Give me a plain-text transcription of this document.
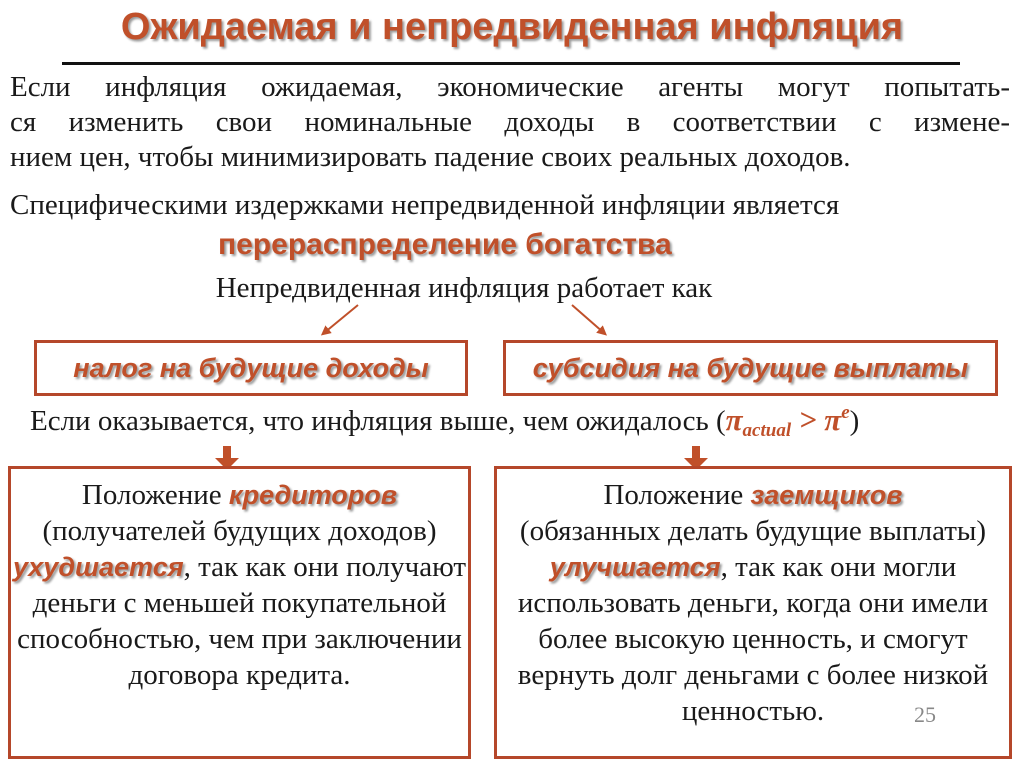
Ожидаемая и непредвиденная инфляция
Если инфляция ожидаемая, экономические агенты могут попытать-
ся изменить свои номинальные доходы в соответствии с измене-
нием цен, чтобы минимизировать падение своих реальных доходов.
Специфическими издержками непредвиденной инфляции является
перераспределение богатства
Непредвиденная инфляция работает как
налог на будущие доходы	субсидия на будущие выплаты
Если оказывается, что инфляция выше, чем ожидалось $(\pi_{actual} > \pi^e)$
Положение кредиторов
(получателей будущих доходов) ухудшается, так как они получают деньги с меньшей покупательной способностью, чем при заключении договора кредита.
Положение заемщиков
(обязанных делать будущие выплаты) улучшается, так как они могли использовать деньги, когда они имели более высокую ценность, и смогут вернуть долг деньгами с более низкой ценностью.	25
